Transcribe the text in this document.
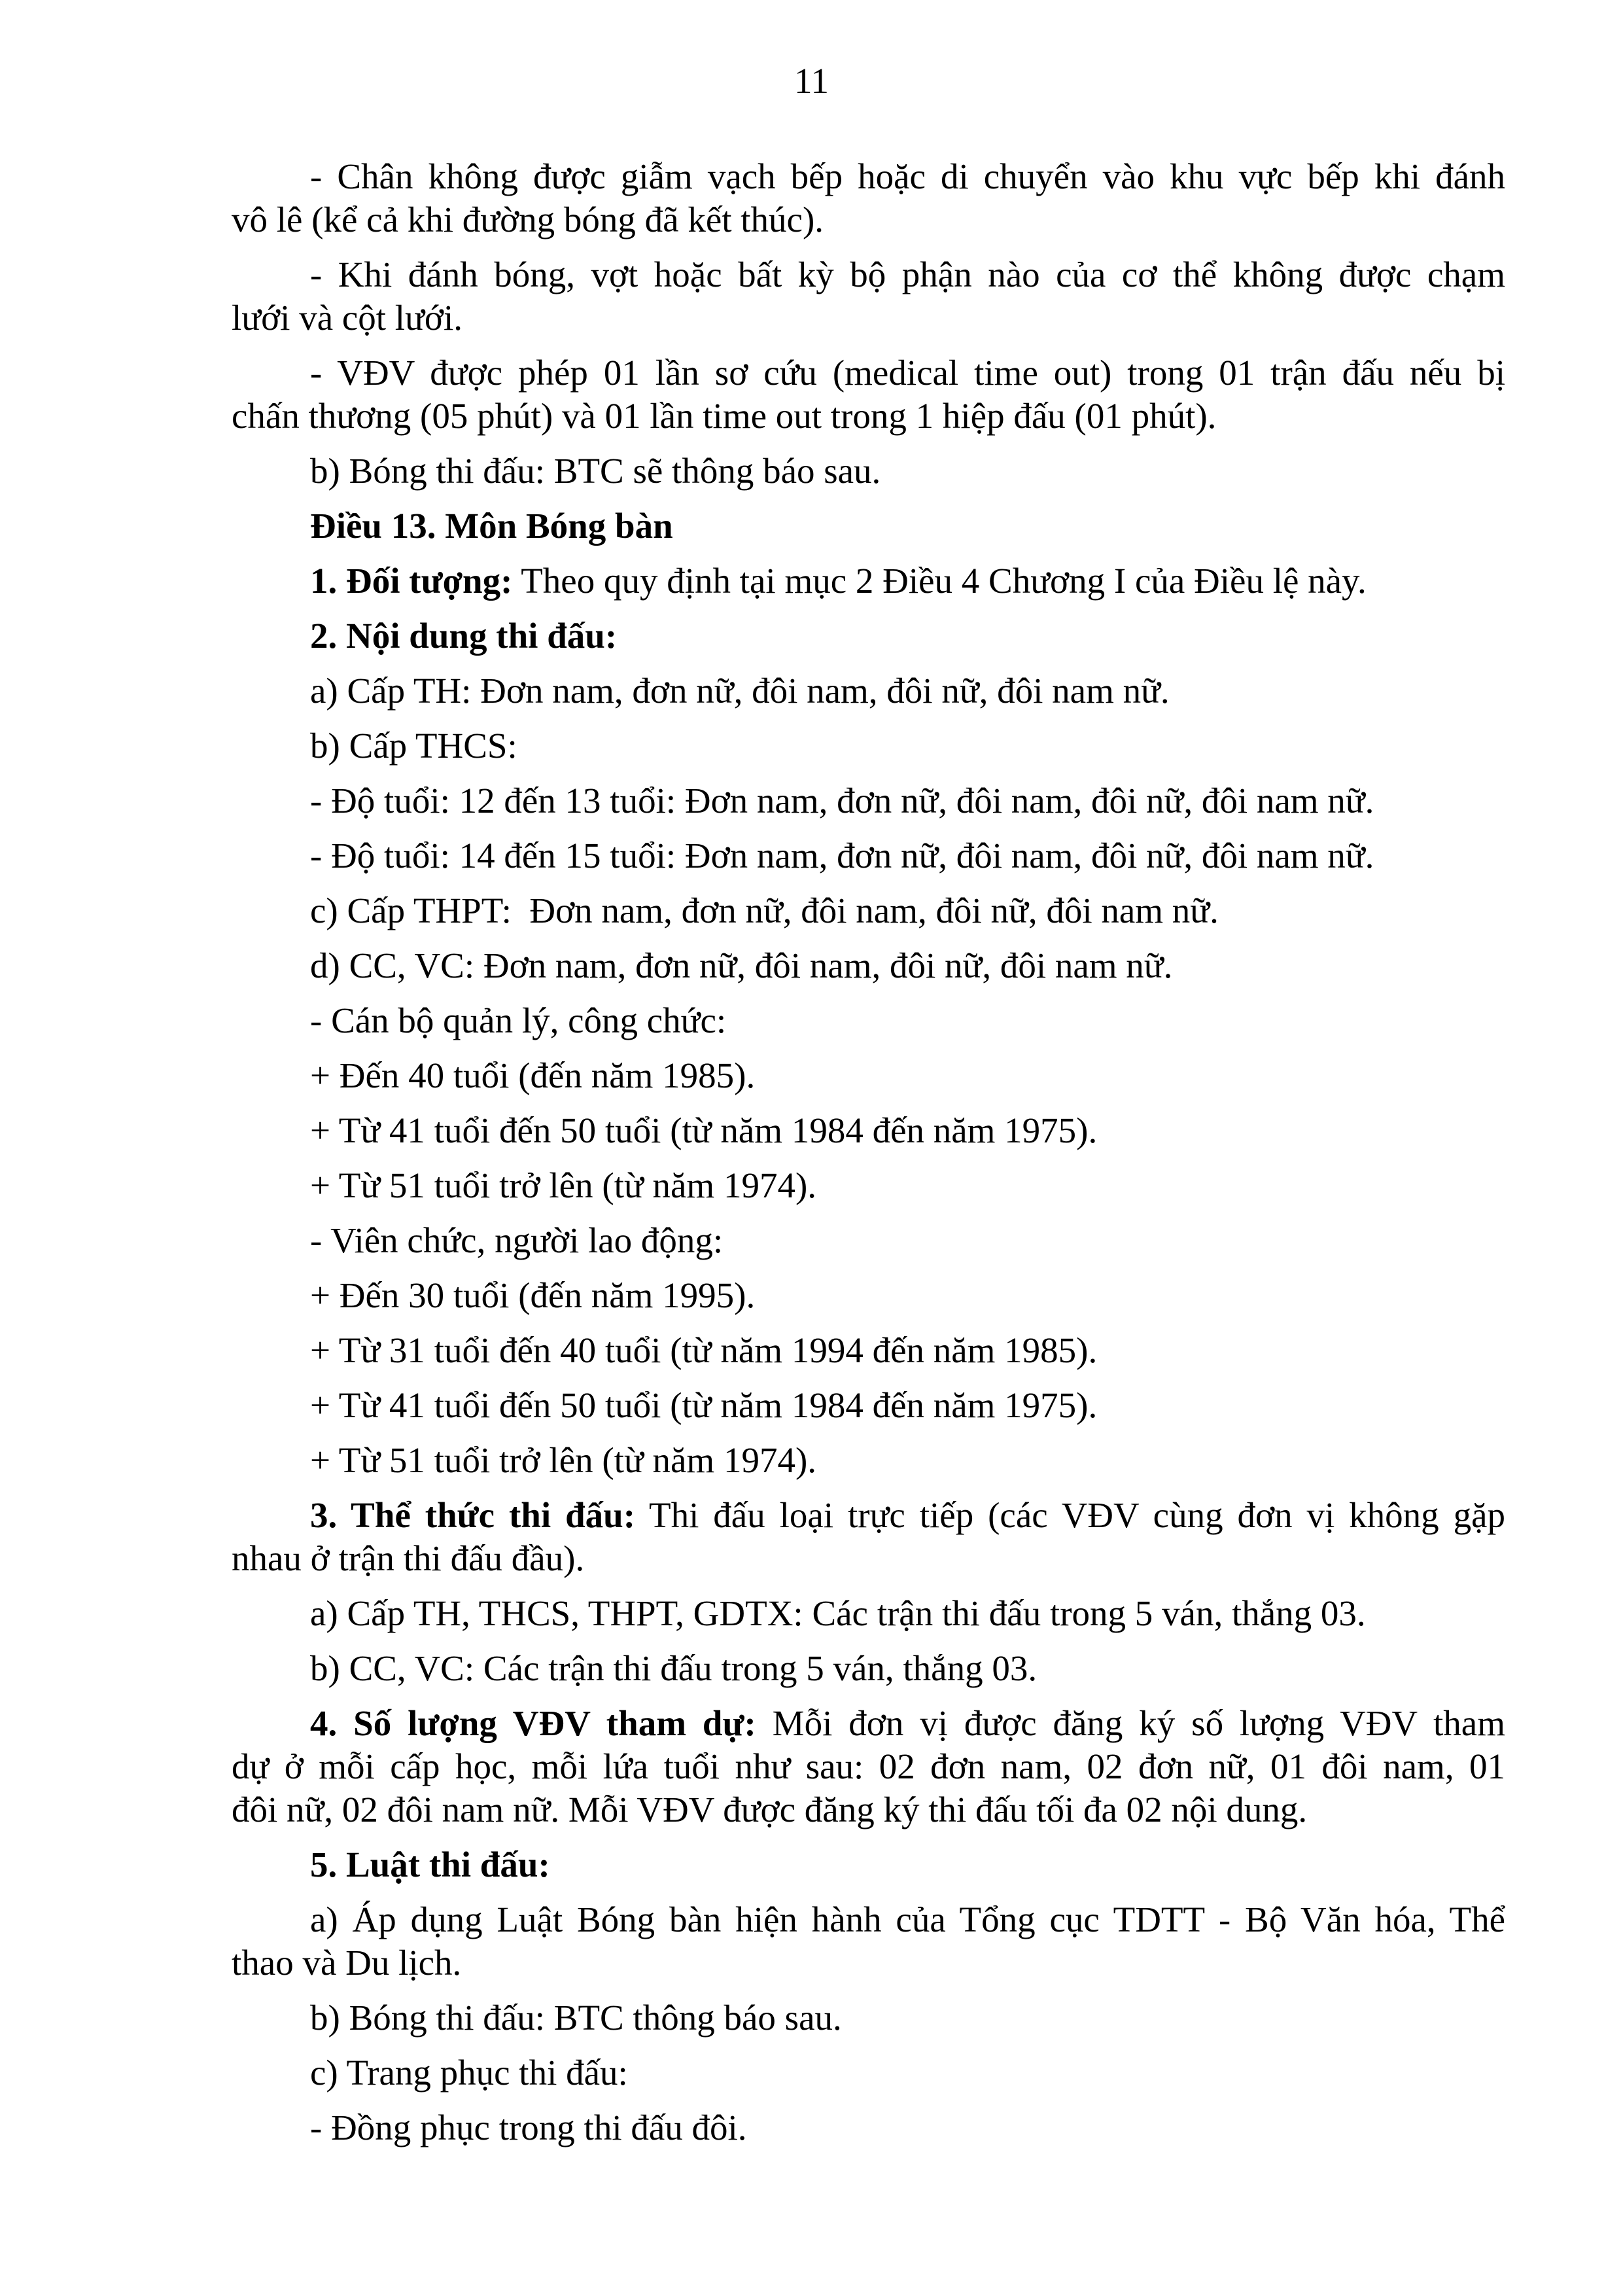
11

- Chân không được giẫm vạch bếp hoặc di chuyển vào khu vực bếp khi đánh
vô lê (kể cả khi đường bóng đã kết thúc).

- Khi đánh bóng, vợt hoặc bất kỳ bộ phận nào của cơ thể không được chạm
lưới và cột lưới.

- VĐV được phép 01 lần sơ cứu (medical time out) trong 01 trận đấu nếu bị
chấn thương (05 phút) và 01 lần time out trong 1 hiệp đấu (01 phút).

b) Bóng thi đấu: BTC sẽ thông báo sau.

Điều 13. Môn Bóng bàn

1. Đối tượng: Theo quy định tại mục 2 Điều 4 Chương I của Điều lệ này.

2. Nội dung thi đấu:

a) Cấp TH: Đơn nam, đơn nữ, đôi nam, đôi nữ, đôi nam nữ.

b) Cấp THCS:

- Độ tuổi: 12 đến 13 tuổi: Đơn nam, đơn nữ, đôi nam, đôi nữ, đôi nam nữ.

- Độ tuổi: 14 đến 15 tuổi: Đơn nam, đơn nữ, đôi nam, đôi nữ, đôi nam nữ.

c) Cấp THPT:  Đơn nam, đơn nữ, đôi nam, đôi nữ, đôi nam nữ.

d) CC, VC: Đơn nam, đơn nữ, đôi nam, đôi nữ, đôi nam nữ.

- Cán bộ quản lý, công chức:

+ Đến 40 tuổi (đến năm 1985).

+ Từ 41 tuổi đến 50 tuổi (từ năm 1984 đến năm 1975).

+ Từ 51 tuổi trở lên (từ năm 1974).

- Viên chức, người lao động:

+ Đến 30 tuổi (đến năm 1995).

+ Từ 31 tuổi đến 40 tuổi (từ năm 1994 đến năm 1985).

+ Từ 41 tuổi đến 50 tuổi (từ năm 1984 đến năm 1975).

+ Từ 51 tuổi trở lên (từ năm 1974).

3. Thể thức thi đấu: Thi đấu loại trực tiếp (các VĐV cùng đơn vị không gặp
nhau ở trận thi đấu đầu).

a) Cấp TH, THCS, THPT, GDTX: Các trận thi đấu trong 5 ván, thắng 03.

b) CC, VC: Các trận thi đấu trong 5 ván, thắng 03.

4. Số lượng VĐV tham dự: Mỗi đơn vị được đăng ký số lượng VĐV tham
dự ở mỗi cấp học, mỗi lứa tuổi như sau: 02 đơn nam, 02 đơn nữ, 01 đôi nam, 01
đôi nữ, 02 đôi nam nữ. Mỗi VĐV được đăng ký thi đấu tối đa 02 nội dung.

5. Luật thi đấu:

a) Áp dụng Luật Bóng bàn hiện hành của Tổng cục TDTT - Bộ Văn hóa, Thể
thao và Du lịch.

b) Bóng thi đấu: BTC thông báo sau.

c) Trang phục thi đấu:

- Đồng phục trong thi đấu đôi.
